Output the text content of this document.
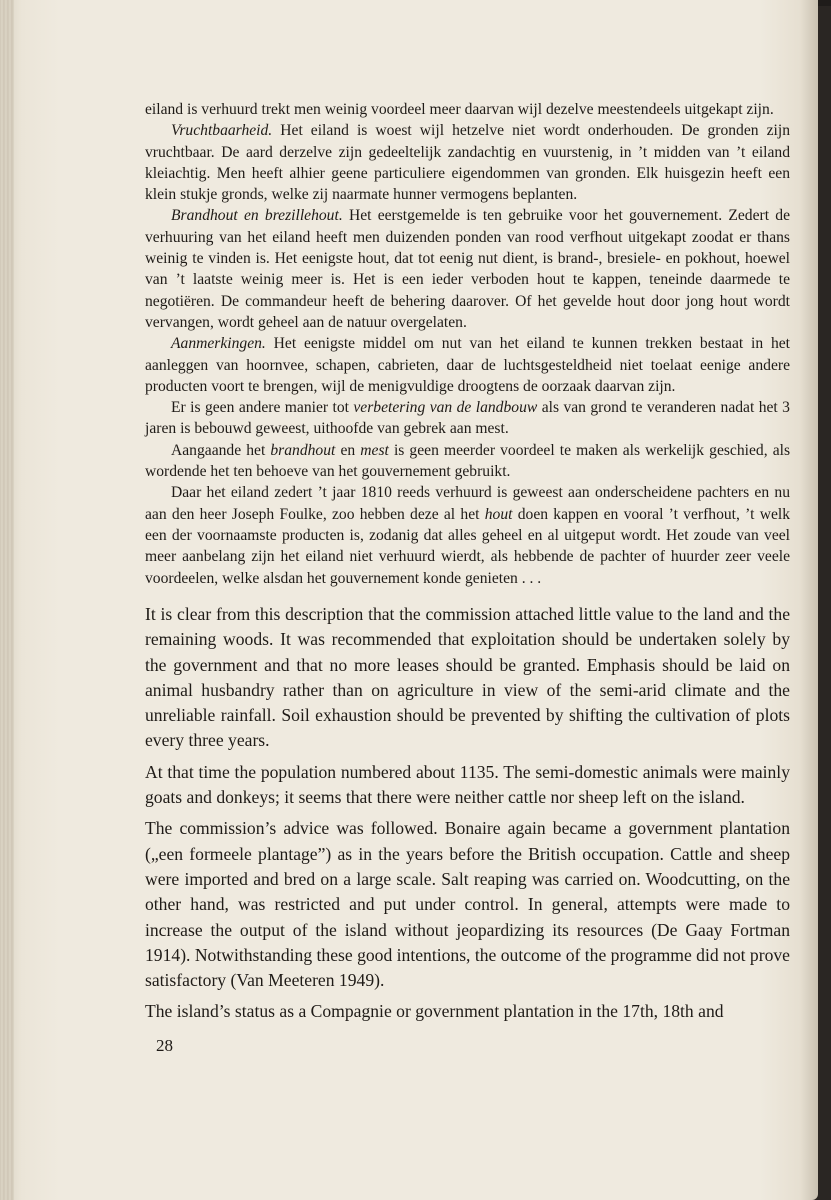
eiland is verhuurd trekt men weinig voordeel meer daarvan wijl dezelve meestendeels uitgekapt zijn.

Vruchtbaarheid. Het eiland is woest wijl hetzelve niet wordt onderhouden. De gronden zijn vruchtbaar. De aard derzelve zijn gedeeltelijk zandachtig en vuurstenig, in ’t midden van ’t eiland kleiachtig. Men heeft alhier geene particuliere eigendommen van gronden. Elk huisgezin heeft een klein stukje gronds, welke zij naarmate hunner vermogens beplanten.

Brandhout en brezillehout. Het eerstgemelde is ten gebruike voor het gouvernement. Zedert de verhuuring van het eiland heeft men duizenden ponden van rood verfhout uitgekapt zoodat er thans weinig te vinden is. Het eenigste hout, dat tot eenig nut dient, is brand-, bresiele- en pokhout, hoewel van ’t laatste weinig meer is. Het is een ieder verboden hout te kappen, teneinde daarmede te negotiëren. De commandeur heeft de behering daarover. Of het gevelde hout door jong hout wordt vervangen, wordt geheel aan de natuur overgelaten.

Aanmerkingen. Het eenigste middel om nut van het eiland te kunnen trekken bestaat in het aanleggen van hoornvee, schapen, cabrieten, daar de luchtsgesteldheid niet toelaat eenige andere producten voort te brengen, wijl de menigvuldige droogtens de oorzaak daarvan zijn.

Er is geen andere manier tot verbetering van de landbouw als van grond te veranderen nadat het 3 jaren is bebouwd geweest, uithoofde van gebrek aan mest.

Aangaande het brandhout en mest is geen meerder voordeel te maken als werkelijk geschied, als wordende het ten behoeve van het gouvernement gebruikt.

Daar het eiland zedert ’t jaar 1810 reeds verhuurd is geweest aan onderscheidene pachters en nu aan den heer Joseph Foulke, zoo hebben deze al het hout doen kappen en vooral ’t verfhout, ’t welk een der voornaamste producten is, zodanig dat alles geheel en al uitgeput wordt. Het zoude van veel meer aanbelang zijn het eiland niet verhuurd wierdt, als hebbende de pachter of huurder zeer veele voordeelen, welke alsdan het gouvernement konde genieten . . .

It is clear from this description that the commission attached little value to the land and the remaining woods. It was recommended that exploitation should be undertaken solely by the government and that no more leases should be granted. Emphasis should be laid on animal husbandry rather than on agriculture in view of the semi-arid climate and the unreliable rainfall. Soil exhaustion should be prevented by shifting the cultivation of plots every three years.

At that time the population numbered about 1135. The semi-domestic animals were mainly goats and donkeys; it seems that there were neither cattle nor sheep left on the island.

The commission’s advice was followed. Bonaire again became a government plantation („een formeele plantage”) as in the years before the British occupation. Cattle and sheep were imported and bred on a large scale. Salt reaping was carried on. Woodcutting, on the other hand, was restricted and put under control. In general, attempts were made to increase the output of the island without jeopardizing its resources (De Gaay Fortman 1914). Notwithstanding these good intentions, the outcome of the programme did not prove satisfactory (Van Meeteren 1949).

The island’s status as a Compagnie or government plantation in the 17th, 18th and

28
